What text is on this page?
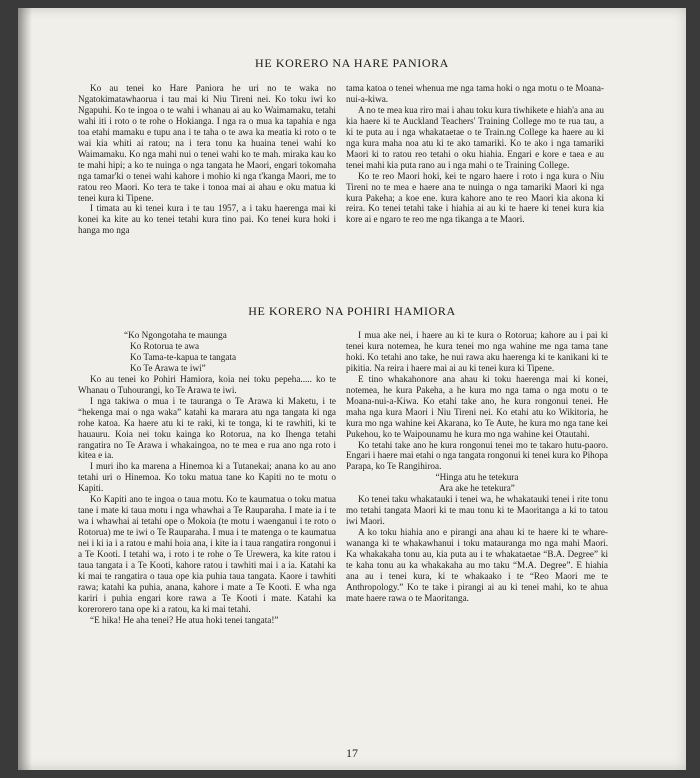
HE KORERO NA HARE PANIORA

Ko au tenei ko Hare Paniora he uri no te waka no Ngatokimatawhaorua i tau mai ki Niu Tireni nei. Ko toku iwi ko Ngapuhi. Ko te ingoa o te wahi i whanau ai au ko Waimamaku, tetahi wahi iti i roto o te rohe o Hokianga. I nga ra o mua ka tapahia e nga toa etahi mamaku e tupu ana i te taha o te awa ka meatia ki roto o te wai kia whiti ai ratou; na i tera tonu ka huaina tenei wahi ko Waimamaku. Ko nga mahi nui o tenei wahi ko te mah. miraka kau ko te mahi hipi; a ko te nuinga o nga tangata he Maori, engari tokomaha nga tamar'ki o tenei wahi kahore i mohio ki nga t'kanga Maori, me to ratou reo Maori. Ko tera te take i tonoa mai ai ahau e oku matua ki tenei kura ki Tipene.

I timata au ki tenei kura i te tau 1957, a i taku haerenga mai ki konei ka kite au ko tenei tetahi kura tino pai. Ko tenei kura hoki i hanga mo nga

tama katoa o tenei whenua me nga tama hoki o nga motu o te Moana-nui-a-kiwa.

A no te mea kua riro mai i ahau toku kura tiwhikete e hiah'a ana au kia haere ki te Auckland Teachers' Training College mo te rua tau, a ki te puta au i nga whakataetae o te Train.ng College ka haere au ki nga kura maha noa atu ki te ako tamariki. Ko te ako i nga tamariki Maori ki to ratou reo tetahi o oku hiahia. Engari e kore e taea e au tenei mahi kia puta rano au i nga mahi o te Training College.

Ko te reo Maori hoki, kei te ngaro haere i roto i nga kura o Niu Tireni no te mea e haere ana te nuinga o nga tamariki Maori ki nga kura Pakeha; a koe ene. kura kahore ano te reo Maori kia akona ki reira. Ko tenei tetahi take i hiahia ai au ki te haere ki tenei kura kia kore ai e ngaro te reo me nga tikanga a te Maori.

HE KORERO NA POHIRI HAMIORA

“Ko Ngongotaha te maunga

Ko Rotorua te awa

Ko Tama-te-kapua te tangata

Ko Te Arawa te iwi”

Ko au tenei ko Pohiri Hamiora, koia nei toku pepeha..... ko te Whanau o Tuhourangi, ko Te Arawa te iwi.

I nga takiwa o mua i te tauranga o Te Arawa ki Maketu, i te “hekenga mai o nga waka” katahi ka marara atu nga tangata ki nga rohe katoa. Ka haere atu ki te raki, ki te tonga, ki te rawhiti, ki te hauauru. Koia nei toku kainga ko Rotorua, na ko Ihenga tetahi rangatira no Te Arawa i whakaingoa, no te mea e rua ano nga roto i kitea e ia.

I muri iho ka marena a Hinemoa ki a Tutanekai; anana ko au ano tetahi uri o Hinemoa. Ko toku matua tane ko Kapiti no te motu o Kapiti.

Ko Kapiti ano te ingoa o taua motu. Ko te kaumatua o toku matua tane i mate ki taua motu i nga whawhai a Te Rauparaha. I mate ia i te wa i whawhai ai tetahi ope o Mokoia (te motu i waenganui i te roto o Rotorua) me te iwi o Te Rauparaha. I mua i te matenga o te kaumatua nei i ki ia i a ratou e mahi hoia ana, i kite ia i taua rangatira rongonui i a Te Kooti. I tetahi wa, i roto i te rohe o Te Urewera, ka kite ratou i taua tangata i a Te Kooti, kahore ratou i tawhiti mai i a ia. Katahi ka ki mai te rangatira o taua ope kia puhia taua tangata. Kaore i tawhiti rawa; katahi ka puhia, anana, kahore i mate a Te Kooti. E wha nga kariri i puhia engari kore rawa a Te Kooti i mate. Katahi ka korerorero tana ope ki a ratou, ka ki mai tetahi.

“E hika! He aha tenei? He atua hoki tenei tangata!”

I mua ake nei, i haere au ki te kura o Rotorua; kahore au i pai ki tenei kura notemea, he kura tenei mo nga wahine me nga tama tane hoki. Ko tetahi ano take, he nui rawa aku haerenga ki te kanikani ki te pikitia. Na reira i haere mai ai au ki tenei kura ki Tipene.

E tino whakahonore ana ahau ki toku haerenga mai ki konei, notemea, he kura Pakeha, a he kura mo nga tama o nga motu o te Moana-nui-a-Kiwa. Ko etahi take ano, he kura rongonui tenei. He maha nga kura Maori i Niu Tireni nei. Ko etahi atu ko Wikitoria, he kura mo nga wahine kei Akarana, ko Te Aute, he kura mo nga tane kei Pukehou, ko te Waipounamu he kura mo nga wahine kei Otautahi.

Ko tetahi take ano he kura rongonui tenei mo te takaro hutu-paoro. Engari i haere mai etahi o nga tangata rongonui ki tenei kura ko Pihopa Parapa, ko Te Rangihiroa.

“Hinga atu he tetekura

Ara ake he tetekura”

Ko tenei taku whakatauki i tenei wa, he whakatauki tenei i rite tonu mo tetahi tangata Maori ki te mau tonu ki te Maoritanga a ki to tatou iwi Maori.

A ko toku hiahia ano e pirangi ana ahau ki te haere ki te whare-wananga ki te whakawhanui i toku matauranga mo nga mahi Maori. Ka whakakaha tonu au, kia puta au i te whakataetae “B.A. Degree” ki te kaha tonu au ka whakakaha au mo taku “M.A. Degree”. E hiahia ana au i tenei kura, ki te whakaako i te “Reo Maori me te Anthropology.” Ko te take i pirangi ai au ki tenei mahi, ko te ahua mate haere rawa o te Maoritanga.

17
